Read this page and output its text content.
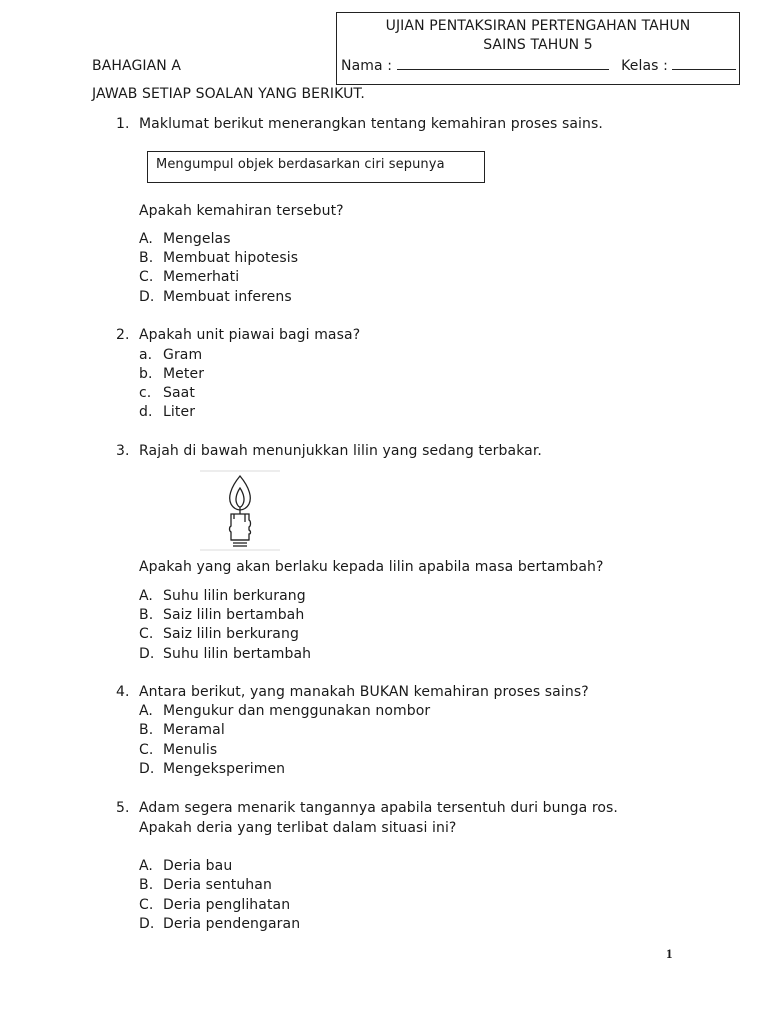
UJIAN PENTAKSIRAN PERTENGAHAN TAHUN
SAINS TAHUN 5
Nama :	Kelas :
BAHAGIAN A
JAWAB SETIAP SOALAN YANG BERIKUT.
1. Maklumat berikut menerangkan tentang kemahiran proses sains.
Mengumpul objek berdasarkan ciri sepunya
Apakah kemahiran tersebut?
A. Mengelas
B. Membuat hipotesis
C. Memerhati
D. Membuat inferens
2. Apakah unit piawai bagi masa?
a. Gram
b. Meter
c. Saat
d. Liter
3. Rajah di bawah menunjukkan lilin yang sedang terbakar.
Apakah yang akan berlaku kepada lilin apabila masa bertambah?
A. Suhu lilin berkurang
B. Saiz lilin bertambah
C. Saiz lilin berkurang
D. Suhu lilin bertambah
4. Antara berikut, yang manakah BUKAN kemahiran proses sains?
A. Mengukur dan menggunakan nombor
B. Meramal
C. Menulis
D. Mengeksperimen
5. Adam segera menarik tangannya apabila tersentuh duri bunga ros.
Apakah deria yang terlibat dalam situasi ini?
A. Deria bau
B. Deria sentuhan
C. Deria penglihatan
D. Deria pendengaran
1
